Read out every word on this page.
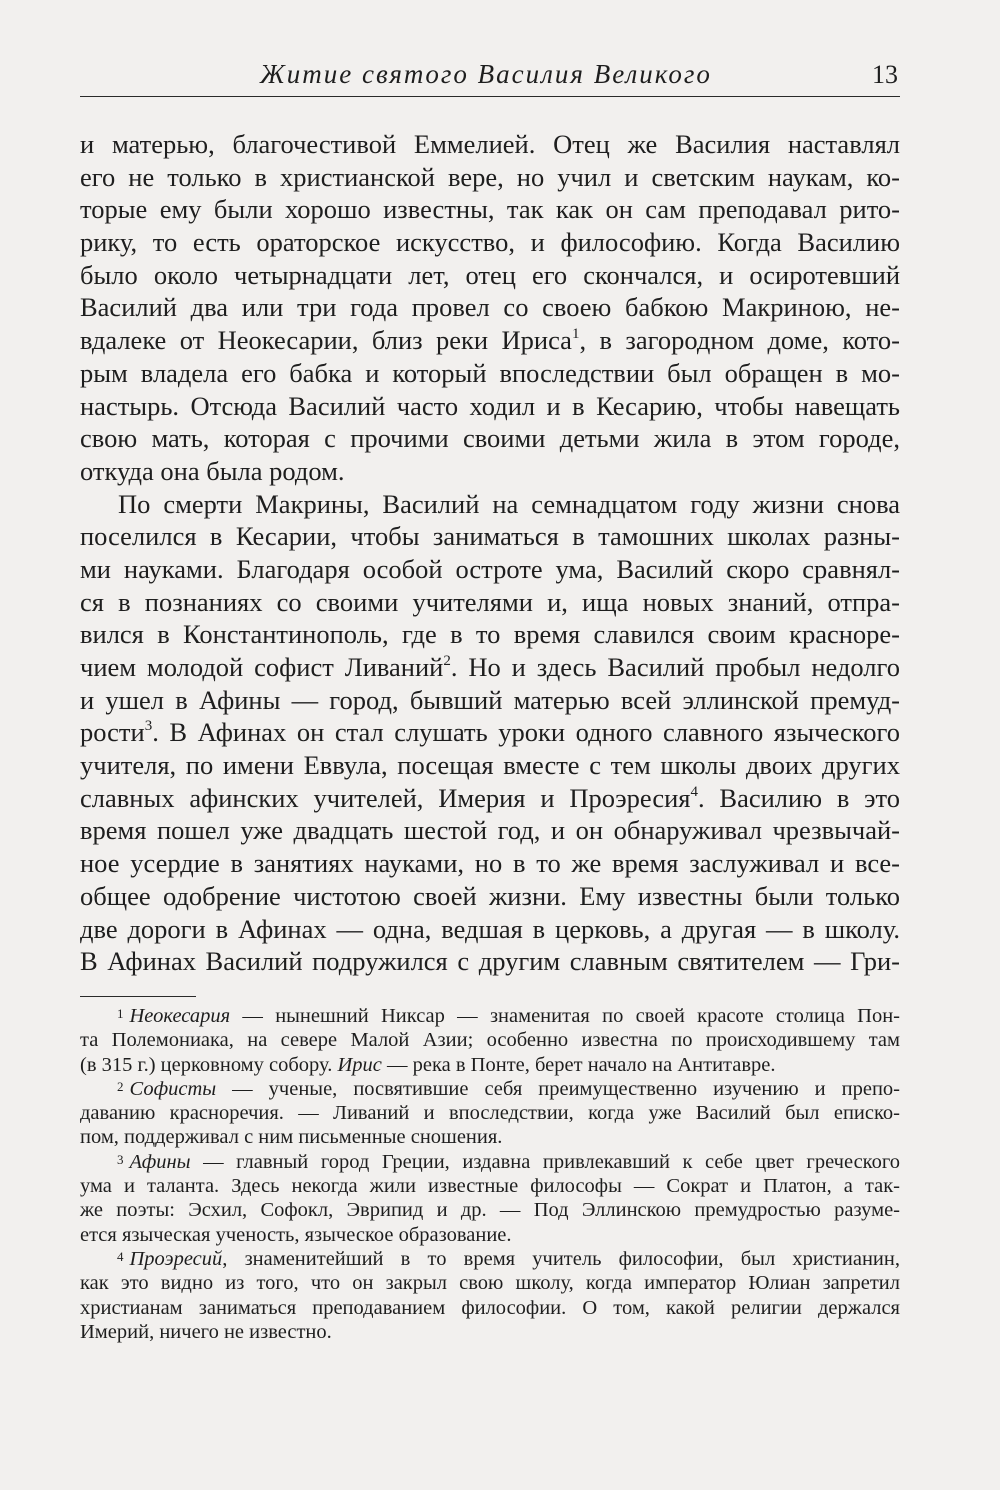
Житие святого Василия Великого	13
и матерью, благочестивой Еммелией. Отец же Василия наставлял
его не только в христианской вере, но учил и светским наукам, ко-
торые ему были хорошо известны, так как он сам преподавал рито-
рику, то есть ораторское искусство, и философию. Когда Василию
было около четырнадцати лет, отец его скончался, и осиротевший
Василий два или три года провел со своею бабкою Макриною, не-
вдалеке от Неокесарии, близ реки Ириса$^1$, в загородном доме, кото-
рым владела его бабка и который впоследствии был обращен в мо-
настырь. Отсюда Василий часто ходил и в Кесарию, чтобы навещать
свою мать, которая с прочими своими детьми жила в этом городе,
откуда она была родом.
По смерти Макрины, Василий на семнадцатом году жизни снова
поселился в Кесарии, чтобы заниматься в тамошних школах разны-
ми науками. Благодаря особой остроте ума, Василий скоро сравнял-
ся в познаниях со своими учителями и, ища новых знаний, отпра-
вился в Константинополь, где в то время славился своим красноре-
чием молодой софист Ливаний$^2$. Но и здесь Василий пробыл недолго
и ушел в Афины — город, бывший матерью всей эллинской премуд-
рости$^3$. В Афинах он стал слушать уроки одного славного языческого
учителя, по имени Еввула, посещая вместе с тем школы двоих других
славных афинских учителей, Имерия и Проэресия$^4$. Василию в это
время пошел уже двадцать шестой год, и он обнаруживал чрезвычай-
ное усердие в занятиях науками, но в то же время заслуживал и все-
общее одобрение чистотою своей жизни. Ему известны были только
две дороги в Афинах — одна, ведшая в церковь, а другая — в школу.
В Афинах Василий подружился с другим славным святителем — Гри-
$^1$ Неокесария — нынешний Никсар — знаменитая по своей красоте столица Пон-
та Полемониака, на севере Малой Азии; особенно известна по происходившему там
(в 315 г.) церковному собору. Ирис — река в Понте, берет начало на Антитавре.
$^2$ Софисты — ученые, посвятившие себя преимущественно изучению и препо-
даванию красноречия. — Ливаний и впоследствии, когда уже Василий был еписко-
пом, поддерживал с ним письменные сношения.
$^3$ Афины — главный город Греции, издавна привлекавший к себе цвет греческого
ума и таланта. Здесь некогда жили известные философы — Сократ и Платон, а так-
же поэты: Эсхил, Софокл, Эврипид и др. — Под Эллинскою премудростью разуме-
ется языческая ученость, языческое образование.
$^4$ Проэресий, знаменитейший в то время учитель философии, был христианин,
как это видно из того, что он закрыл свою школу, когда император Юлиан запретил
христианам заниматься преподаванием философии. О том, какой религии держался
Имерий, ничего не известно.
